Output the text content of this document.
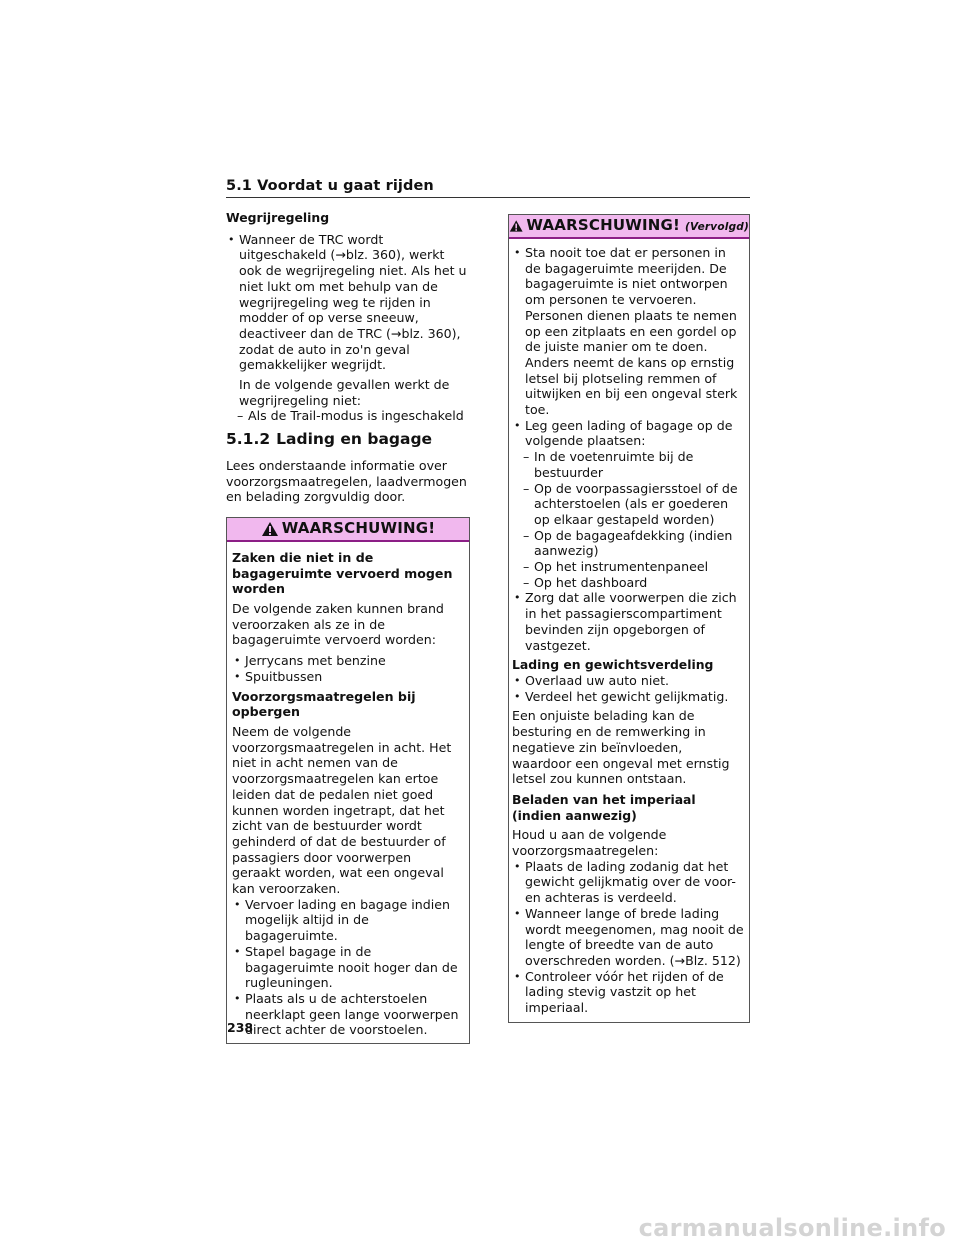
5.1 Voordat u gaat rijden
Wegrijregeling
• Wanneer de TRC wordt uitgeschakeld (→blz. 360), werkt ook de wegrijregeling niet. Als het u niet lukt om met behulp van de wegrijregeling weg te rijden in modder of op verse sneeuw, deactiveer dan de TRC (→blz. 360), zodat de auto in zo'n geval gemakkelijker wegrijdt.
In de volgende gevallen werkt de wegrijregeling niet:
– Als de Trail-modus is ingeschakeld
5.1.2 Lading en bagage

Lees onderstaande informatie over voorzorgsmaatregelen, laadvermogen en belading zorgvuldig door.

WAARSCHUWING!
Zaken die niet in de bagageruimte vervoerd mogen worden

De volgende zaken kunnen brand veroorzaken als ze in de bagageruimte vervoerd worden:

• Jerrycans met benzine
• Spuitbussen
Voorzorgsmaatregelen bij opbergen
Neem de volgende voorzorgsmaatregelen in acht. Het niet in acht nemen van de voorzorgsmaatregelen kan ertoe leiden dat de pedalen niet goed kunnen worden ingetrapt, dat het zicht van de bestuurder wordt gehinderd of dat de bestuurder of passagiers door voorwerpen geraakt worden, wat een ongeval kan veroorzaken.
• Vervoer lading en bagage indien mogelijk altijd in de bagageruimte.
• Stapel bagage in de bagageruimte nooit hoger dan de rugleuningen.
• Plaats als u de achterstoelen neerklapt geen lange voorwerpen direct achter de voorstoelen.
WAARSCHUWING! (Vervolgd)
• Sta nooit toe dat er personen in de bagageruimte meerijden. De bagageruimte is niet ontworpen om personen te vervoeren. Personen dienen plaats te nemen op een zitplaats en een gordel op de juiste manier om te doen. Anders neemt de kans op ernstig letsel bij plotseling remmen of uitwijken en bij een ongeval sterk toe.
• Leg geen lading of bagage op de volgende plaatsen:
– In de voetenruimte bij de bestuurder
– Op de voorpassagiersstoel of de achterstoelen (als er goederen op elkaar gestapeld worden)
– Op de bagageafdekking (indien aanwezig)
– Op het instrumentenpaneel
– Op het dashboard
• Zorg dat alle voorwerpen die zich in het passagierscompartiment bevinden zijn opgeborgen of vastgezet.
Lading en gewichtsverdeling
• Overlaad uw auto niet.
• Verdeel het gewicht gelijkmatig.

Een onjuiste belading kan de besturing en de remwerking in negatieve zin beïnvloeden, waardoor een ongeval met ernstig letsel zou kunnen ontstaan.

Beladen van het imperiaal (indien aanwezig)
Houd u aan de volgende voorzorgsmaatregelen:
• Plaats de lading zodanig dat het gewicht gelijkmatig over de voor- en achteras is verdeeld.
• Wanneer lange of brede lading wordt meegenomen, mag nooit de lengte of breedte van de auto overschreden worden. (→Blz. 512)
• Controleer vóór het rijden of de lading stevig vastzit op het imperiaal.
238
carmanualsonline.info
